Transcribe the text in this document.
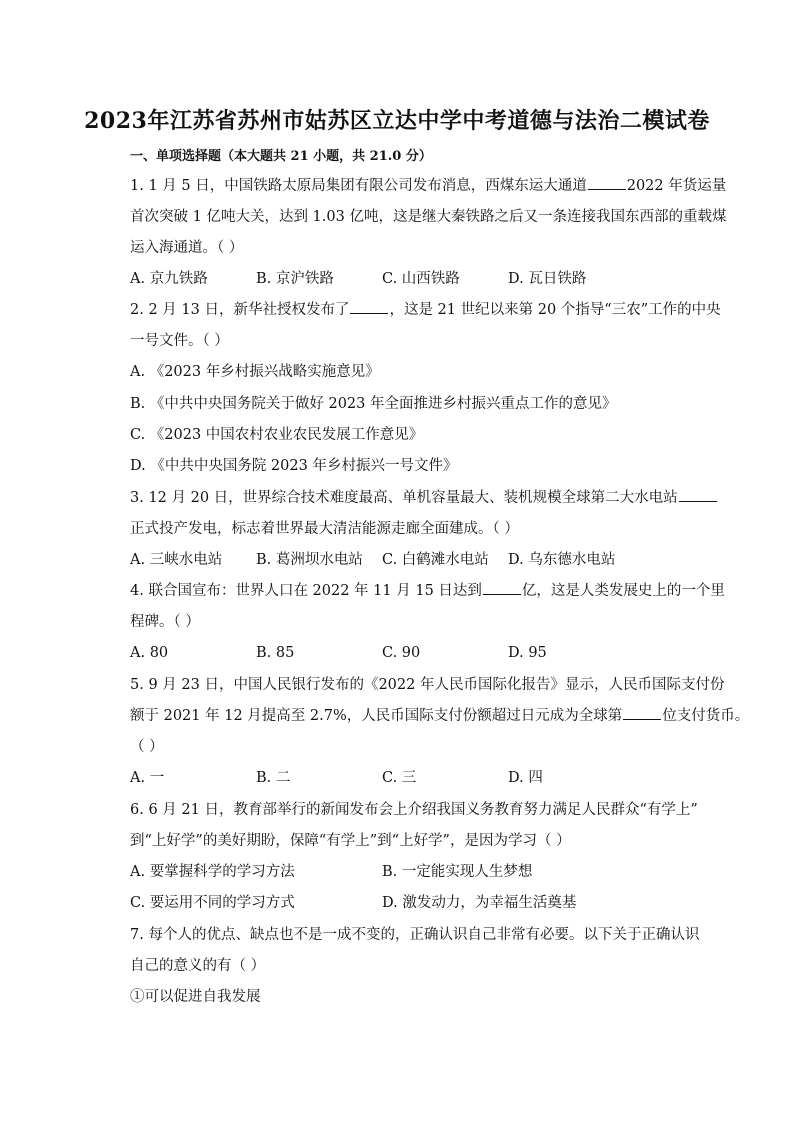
2023年江苏省苏州市姑苏区立达中学中考道德与法治二模试卷
一、单项选择题（本大题共 21 小题，共 21.0 分）
1. 1 月 5 日，中国铁路太原局集团有限公司发布消息，西煤东运大通道	2022 年货运量
首次突破 1 亿吨大关，达到 1.03 亿吨，这是继大秦铁路之后又一条连接我国东西部的重载煤
运入海通道。（ ）
A. 京九铁路	B. 京沪铁路	C. 山西铁路	D. 瓦日铁路
2. 2 月 13 日，新华社授权发布了	，这是 21 世纪以来第 20 个指导“三农”工作的中央
一号文件。（ ）
A. 《2023 年乡村振兴战略实施意见》
B. 《中共中央国务院关于做好 2023 年全面推进乡村振兴重点工作的意见》
C. 《2023 中国农村农业农民发展工作意见》
D. 《中共中央国务院 2023 年乡村振兴一号文件》
3. 12 月 20 日，世界综合技术难度最高、单机容量最大、装机规模全球第二大水电站
正式投产发电，标志着世界最大清洁能源走廊全面建成。（ ）
A. 三峡水电站 B. 葛洲坝水电站 C. 白鹤滩水电站 D. 乌东德水电站
4. 联合国宣布：世界人口在 2022 年 11 月 15 日达到	亿，这是人类发展史上的一个里
程碑。（ ）
A. 80	B. 85	C. 90	D. 95
5. 9 月 23 日，中国人民银行发布的《2022 年人民币国际化报告》显示，人民币国际支付份
额于 2021 年 12 月提高至 2.7%，人民币国际支付份额超过日元成为全球第	位支付货币。
（ ）
A. 一	B. 二	C. 三	D. 四
6. 6 月 21 日，教育部举行的新闻发布会上介绍我国义务教育努力满足人民群众“有学上”
到“上好学”的美好期盼，保障“有学上”到“上好学”，是因为学习（ ）
A. 要掌握科学的学习方法	B. 一定能实现人生梦想
C. 要运用不同的学习方式	D. 激发动力，为幸福生活奠基
7. 每个人的优点、缺点也不是一成不变的，正确认识自己非常有必要。以下关于正确认识
自己的意义的有（ ）
①可以促进自我发展
